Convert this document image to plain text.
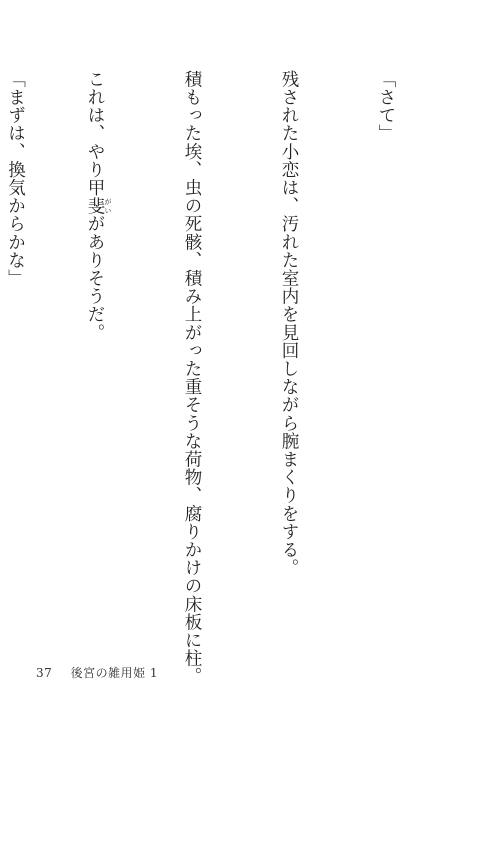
「さて」

残された小恋は、汚れた室内を見回しながら腕まくりをする。

積もった埃、虫の死骸、積み上がった重そうな荷物、腐りかけの床板に柱。

これは、やり甲斐 がいがありそうだ。

「まずは、換気からかな」

37 後宮の雑用姫 1
